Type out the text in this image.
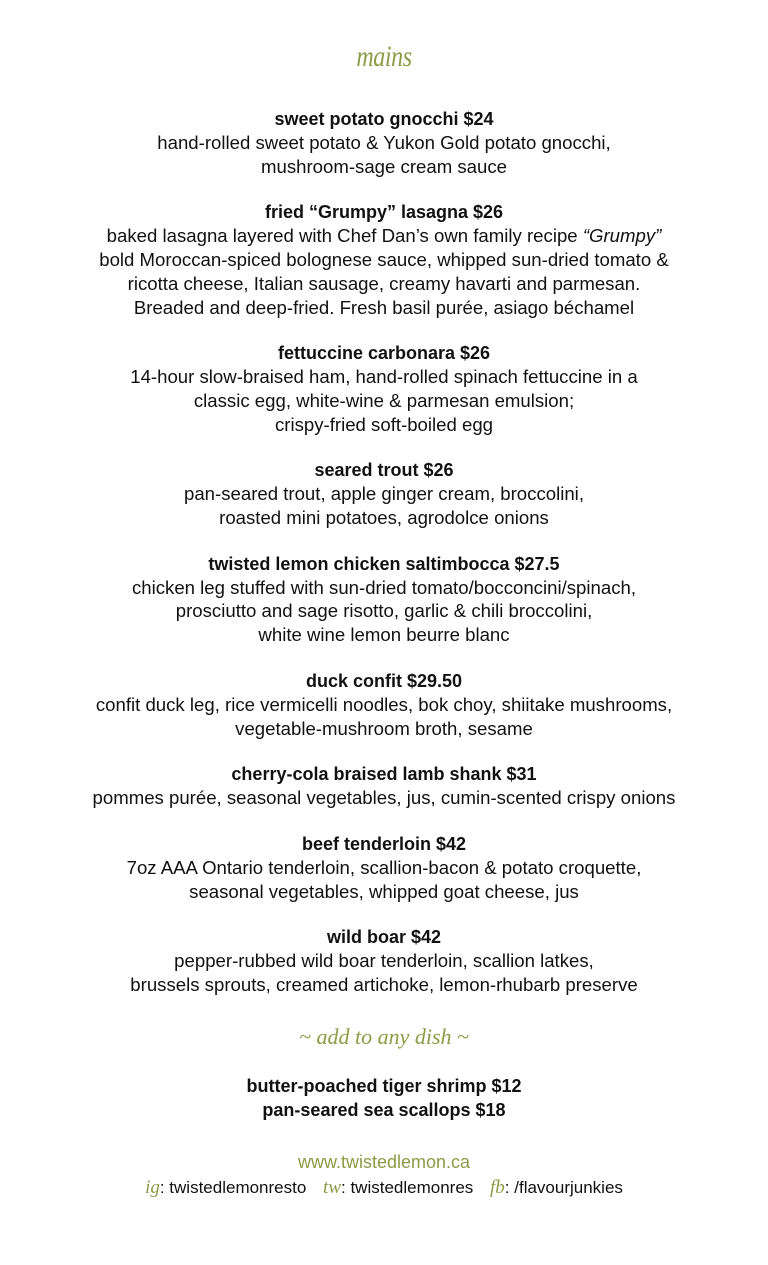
mains
sweet potato gnocchi $24
hand-rolled sweet potato & Yukon Gold potato gnocchi,
mushroom-sage cream sauce
fried “Grumpy” lasagna $26
baked lasagna layered with Chef Dan’s own family recipe “Grumpy”
bold Moroccan-spiced bolognese sauce, whipped sun-dried tomato &
ricotta cheese, Italian sausage, creamy havarti and parmesan.
Breaded and deep-fried. Fresh basil purée, asiago béchamel
fettuccine carbonara $26
14-hour slow-braised ham, hand-rolled spinach fettuccine in a
classic egg, white-wine & parmesan emulsion;
crispy-fried soft-boiled egg
seared trout $26
pan-seared trout, apple ginger cream, broccolini,
roasted mini potatoes, agrodolce onions
twisted lemon chicken saltimbocca $27.5
chicken leg stuffed with sun-dried tomato/bocconcini/spinach,
prosciutto and sage risotto, garlic & chili broccolini,
white wine lemon beurre blanc
duck confit $29.50
confit duck leg, rice vermicelli noodles, bok choy, shiitake mushrooms,
vegetable-mushroom broth, sesame
cherry-cola braised lamb shank $31
pommes purée, seasonal vegetables, jus, cumin-scented crispy onions
beef tenderloin $42
7oz AAA Ontario tenderloin, scallion-bacon & potato croquette,
seasonal vegetables, whipped goat cheese, jus
wild boar $42
pepper-rubbed wild boar tenderloin, scallion latkes,
brussels sprouts, creamed artichoke, lemon-rhubarb preserve
~ add to any dish ~
butter-poached tiger shrimp $12
pan-seared sea scallops $18
www.twistedlemon.ca
ig: twistedlemonresto tw: twistedlemonres fb: /flavourjunkies
